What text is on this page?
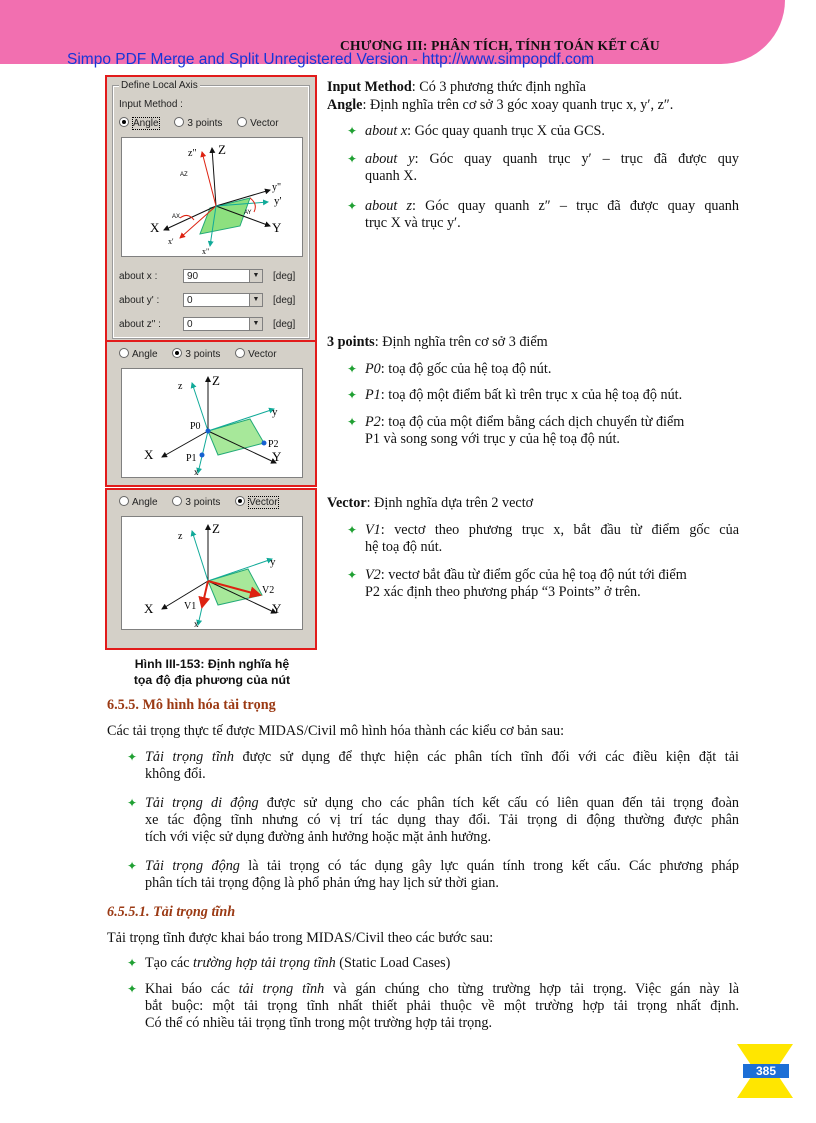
CHƯƠNG III: PHÂN TÍCH, TÍNH TOÁN KẾT CẤU
Simpo PDF Merge and Split Unregistered Version - http://www.simpopdf.com
Define Local Axis
Input Method :
Angle	3 points	Vector
Z
z"
y"
y'
X	Y
x'
x"
AZ
AY
AX
about x :	90	▼	[deg]
about y' :	0	▼	[deg]
about z" :	0	▼	[deg]
Angle	3 points	Vector
Z
z
y
P0
P2
X	P1	Y
x
Angle	3 points	Vector
Z
z
y
V2
X	V1	Y
x
Hình III-153: Định nghĩa hệ
tọa độ địa phương của nút
Input Method: Có 3 phương thức định nghĩa
Angle: Định nghĩa trên cơ sở 3 góc xoay quanh trục x, y′, z″.
✦ about x: Góc quay quanh trục X của GCS.
✦ about y: Góc quay quanh trục y′ – trục đã được quy
quanh X.
✦ about z: Góc quay quanh z″ – trục đã được quay quanh
trục X và trục y′.
3 points: Định nghĩa trên cơ sở 3 điểm
✦ P0: toạ độ gốc của hệ toạ độ nút.
✦ P1: toạ độ một điểm bất kì trên trục x của hệ toạ độ nút.
✦ P2: toạ độ của một điểm bằng cách dịch chuyển từ điểm
P1 và song song với trục y của hệ toạ độ nút.
Vector: Định nghĩa dựa trên 2 vectơ
✦ V1: vectơ theo phương trục x, bắt đầu từ điểm gốc của
hệ toạ độ nút.
✦ V2: vectơ bắt đầu từ điểm gốc của hệ toạ độ nút tới điểm
P2 xác định theo phương pháp “3 Points” ở trên.
6.5.5. Mô hình hóa tải trọng
Các tải trọng thực tế được MIDAS/Civil mô hình hóa thành các kiểu cơ bản sau:
✦ Tải trọng tĩnh được sử dụng để thực hiện các phân tích tĩnh đối với các điều kiện đặt tải
không đổi.
✦ Tải trọng di động được sử dụng cho các phân tích kết cấu có liên quan đến tải trọng đoàn
xe tác động tĩnh nhưng có vị trí tác dụng thay đổi. Tải trọng di động thường được phân
tích với việc sử dụng đường ảnh hưởng hoặc mặt ảnh hưởng.
✦ Tải trọng động là tải trọng có tác dụng gây lực quán tính trong kết cấu. Các phương pháp
phân tích tải trọng động là phổ phản ứng hay lịch sử thời gian.
6.5.5.1. Tải trọng tĩnh
Tải trọng tĩnh được khai báo trong MIDAS/Civil theo các bước sau:
✦ Tạo các trường hợp tải trọng tĩnh (Static Load Cases)
✦ Khai báo các tải trọng tĩnh và gán chúng cho từng trường hợp tải trọng. Việc gán này là
bắt buộc: một tải trọng tĩnh nhất thiết phải thuộc về một trường hợp tải trọng nhất định.
Có thể có nhiều tải trọng tĩnh trong một trường hợp tải trọng.
385
